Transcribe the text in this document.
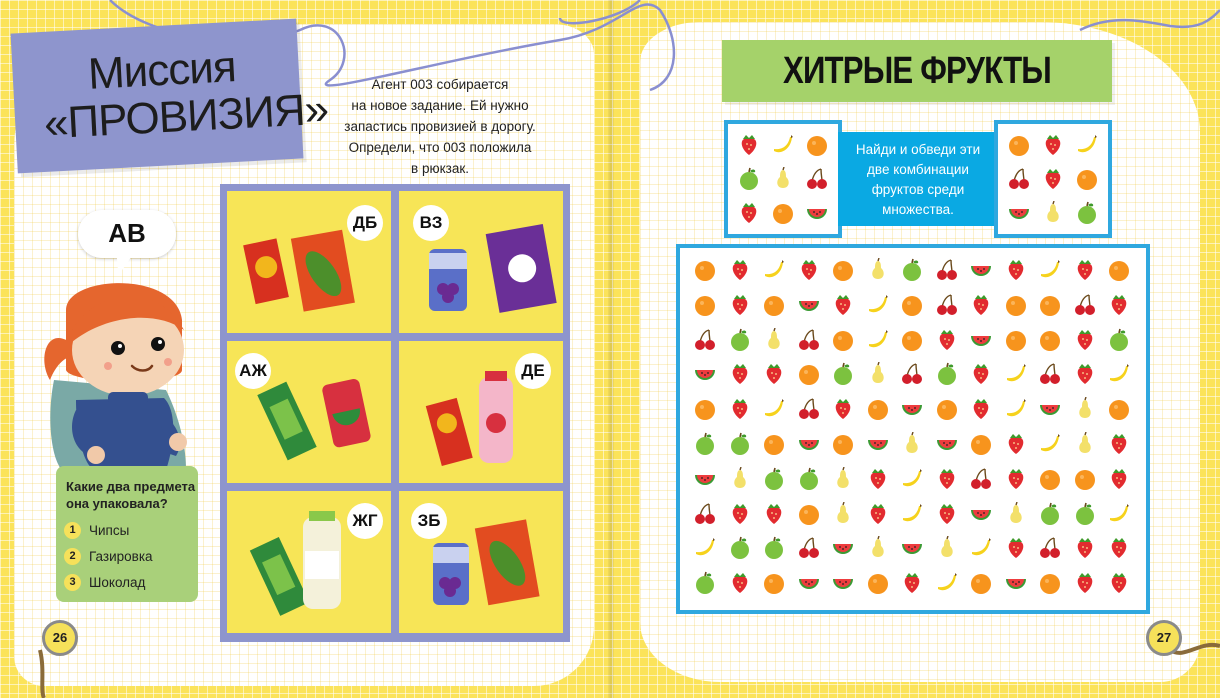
Миссия
«ПРОВИЗИЯ»
Агент 003 собирается
на новое задание. Ей нужно
запастись провизией в дорогу.
Определи, что 003 положила
в рюкзак.
АВ
Какие два предмета она упаковала?
1 Чипсы
2 Газировка
3 Шоколад
ДБ	ВЗ
АЖ	ДЕ
ЖГ	ЗБ
26
ХИТРЫЕ ФРУКТЫ
Найди и обведи эти
две комбинации
фруктов среди
множества.
27
